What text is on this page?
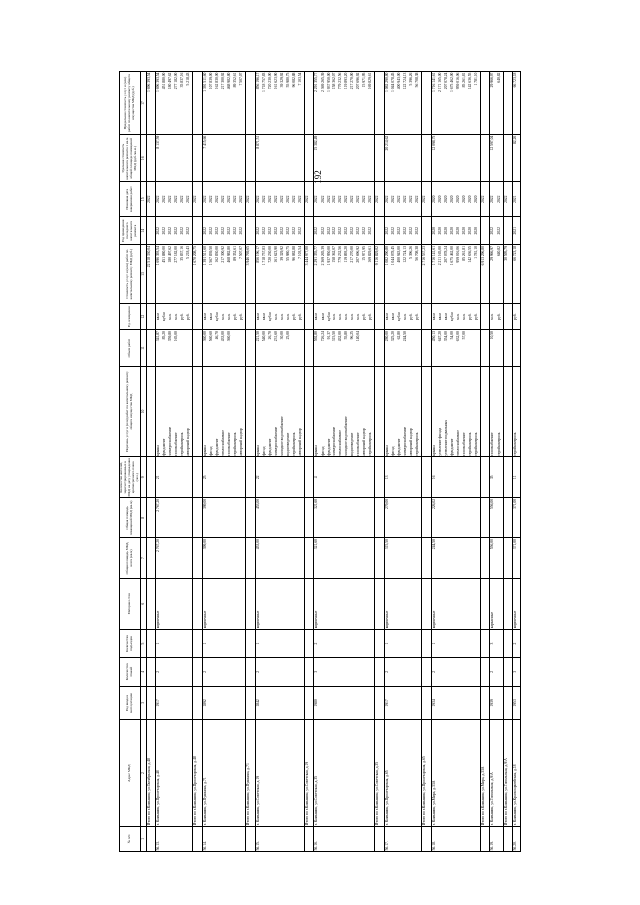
192
№ п/п	Адрес МКД	Год ввода в эксплуатацию	Количество этажей	Количество подъездов	Материал стен	Общая площадь МКД, всего (кв.м)	Общая площадь помещений МКД (кв.м)	Количество жителей, зарегистрированных в МКД на дату утверждения краткосрочного плана (чел.)	Перечень услуг и (или) работ по капитальному ремонту общего имущества МКД	Объем работ	Ед. измерения	Стоимость услуг и (или) работ по капитальному ремонту МКД (руб.)	Год проведения последнего капитального ремонта	Плановая дата завершения работ	Удельная стоимость капитального ремонта 1 кв.м. общей площади помещений МКД (руб./кв.м.)	Предельная стоимость услуг и (или) работ по капитальному ремонту общего имущества МКД (руб.)
1	2	3	4	5	6	7	8	9	10	11	12	13	14	15	16	17
	Итого по г.Камышин, ул.Октябрьская, д.48											22 518 330,04		2022		1 696 393,54
56.13.	г. Камышин, ул.Пролетарская, д.48	1917	2	1	кирпичные	2 767,20	2 767,20	21	крыша	341,87	кв.м	1 696 393,54	2022	2022	8 137,59	1 696 393,54
									фундамент	85,20	куб.м	451 880,00	2022	2022		451 880,00
									электроснабжение	359,80	м.п.	180 497,62	2022	2022		180 497,62
									газоснабжение	165,00	м.п.	277 182,00	2022	2022		277 182,00
									стройконтроль		руб.	35 837,16	2022	2022		35 837,16
									авторский надзор		руб.	5 218,43	2022	2022		5 218,43
	Итого по г.Камышин, ул.Пролетарская, д.48											1 670 208,75		2022		
56.14.	г. Камышин, ул.Пушкина, д.71	1892	2	1	кирпичные	399,00	399,00	25	крыша	360,00	кв.м	1 391 511,60	2022	2022	7 415,66	1 391 511,60
									фасад	560,60	кв.м	1 567 839,50	2022	2022		107 839,00
									фундамент	46,70	куб.м	162 830,00	2022	2022		162 830,00
									теплоснабжение	433,00	м.п.	217 300,92	2022	2022		217 300,92
									газоснабжение	360,00	м.п.	468 982,80	2022	2022		468 982,80
									стройконтроль		руб.	89 352,61	2022	2022		89 352,61
									авторский надзор		руб.	7 507,07	2022	2022		7 507,07
	Итого по г.Камышин, ул.Пушкина, д.71											3 946 769,65		2022		
56.15.	г. Камышин, ул.Советская, д.19	1842	2	1	кирпичные	453,00	453,00	22	крыша	221,50	кв.м	856 196,17	2022	2022	8 871,51	856 196,17
									фасад	540,00	кв.м	1 718 757,83	2022	2022		1 718 757,83
									фундамент	26,70	куб.м	720 230,00	2022	2022		720 230,00
									электроснабжение	231,60	м.п.	161 623,90	2022	2022		161 623,90
									холодное водоснабжение	30,00	м.п.	39 329,92	2022	2022		39 329,92
									водоотведение	25,00	м.п.	55 980,75	2022	2022		55 980,75
									стройконтроль		руб.	96 082,88	2022	2022		96 082,88
									авторский надзор		руб.	7 103,54	2022	2022		7 103,54
	Итого по г.Камышин, ул.Советская, д.19											3 444 977,00		2022		
56.16.	г. Камышин, ул.Советская, д.35	1980	3	2	кирпичные	321,60	321,60	4	крыша	592,80	кв.м	2 291 355,77	2022	2022	15 382,49	2 291 355,77
									фасад	726,24	кв.м	2 369 265,39	2022	2022		2 369 265,39
									фундамент	91,37	куб.м	1 937 950,00	2022	2022		1 937 950,00
									электроснабжение	315,50	м.п.	158 362,07	2022	2022		158 362,07
									теплоснабжение	432,00	м.п.	779 232,56	2022	2022		779 232,56
									холодное водоснабжение	55,80	м.п.	119 893,20	2022	2022		119 893,20
									водоотведение	96,25	м.п.	217 270,00	2022	2022		217 270,00
									газоснабжение	140,04	м.п.	207 696,92	2022	2022		207 696,92
									авторский надзор		руб.	15 971,95	2022	2022		15 971,95
									стройконтроль		руб.	169 829,61	2022	2022		169 829,61
	Итого по г.Камышин, ул.Советская, д.35											9 116 829,02		2022		
56.17.	г. Камышин, ул.Пролетарская, д.65	1917	2	1	кирпичные	315,50	279,00	13	крыша	280,00	кв.м	1 082 290,80	2022	2022	20 214,62	1 082 290,80
									фасад	325,20	кв.м	1 044 078,45	2022	2022		1 044 078,45
									фундамент	62,80	куб.м	400 943,00	2022	2022		400 943,00
									электроснабжение	244,50	м.п.	122 724,13	2022	2022		122 724,13
									авторский надзор		руб.	5 396,26	2022	2022		5 396,26
									стройконтроль		руб.	56 708,38	2022	2022		56 708,38
	Итого по г.Камышин, ул.Пролетарская, д.65											2 716 537,23		2022		
56.18.	г. Камышин, ул.Мира, д.33А	1934	2	1	кирпичные	244,50	226,02	16	крыша	450,13	кв.м	1 716 141,61	2020	2020	12 098,75	1 716 141,61
									утепление фасада	647,20	кв.м	2 211 165,00	2020	2020		2 171 165,00
									утепление подвальных	354,00	кв.м	207 078,24	2020	2020		207 078,24
									фундамент	54,00	куб.м	1 675 462,00	2020	2020		1 675 462,00
									теплоснабжение	632,00	м.п.	959 016,06	2020	2020		959 016,06
									газоснабжение	57,00	м.п.	85 261,81	2020	2020		85 261,81
									стройконтроль		руб.	142 636,55	2020	2020		142 636,55
									стройконтроль		руб.	1 781,10	2020	2020		1 781,10
	Итого по г.Камышин, ул.Мира, д.33А											6 913 296,80		2022		
56.19.	г. Камышин, ул.Топольская, д.9/А	1939	2	3	каркасные	556,00	556,00	35	газоснабжение	10,50	м.п.	29 966,97	2022	2022	12 597,04	29 966,97
									стройконтроль		руб.	640,82	2022	2022		640,82
	Итого по г.Камышин, ул.Топольская, д.9/А											30 595,79		2022		
56.20.	г. Камышин, ул.Красноармейская, д.18	1953	3	2	кирпичные	371,00	371,00	11	стройконтроль		руб.	66 723,18	2021	2021	82,26	66 723,18
